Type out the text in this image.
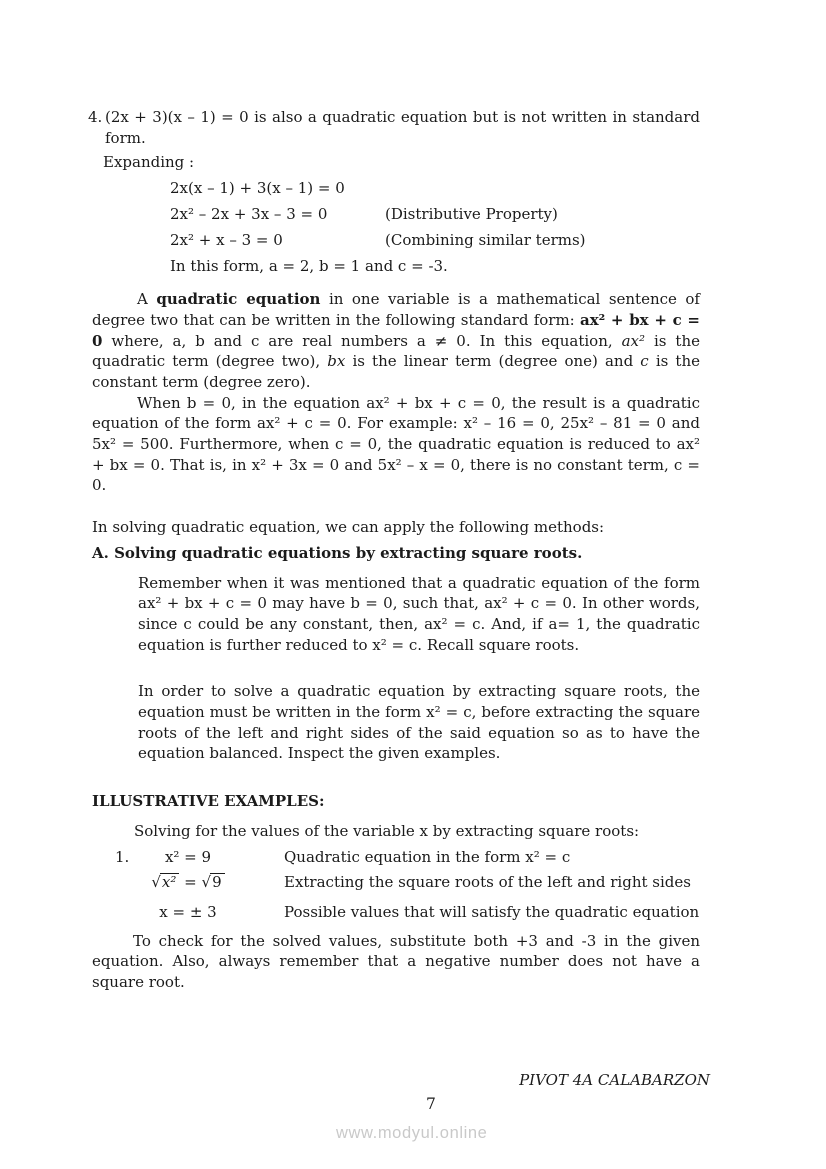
4. (2x + 3)(x – 1) = 0 is also a quadratic equation but is not written in standard form.
Expanding :
2x(x – 1) + 3(x – 1) = 0
2x² – 2x + 3x – 3 = 0	(Distributive Property)
2x² + x – 3 = 0	(Combining similar terms)
In this form, a = 2, b = 1 and c = -3.

A quadratic equation in one variable is a mathematical sentence of degree two that can be written in the following standard form: ax² + bx + c = 0 where, a, b and c are real numbers a ≠ 0. In this equation, ax² is the quadratic term (degree two), bx is the linear term (degree one) and c is the constant term (degree zero).

When b = 0, in the equation ax² + bx + c = 0, the result is a quadratic equation of the form ax² + c = 0. For example: x² – 16 = 0, 25x² – 81 = 0 and 5x² = 500. Furthermore, when c = 0, the quadratic equation is reduced to ax² + bx = 0. That is, in x² + 3x = 0 and 5x² – x = 0, there is no constant term, c = 0.

In solving quadratic equation, we can apply the following methods:

A. Solving quadratic equations by extracting square roots.

Remember when it was mentioned that a quadratic equation of the form ax² + bx + c = 0 may have b = 0, such that, ax² + c = 0. In other words, since c could be any constant, then, ax² = c. And, if a= 1, the quadratic equation is further reduced to x² = c. Recall square roots.

In order to solve a quadratic equation by extracting square roots, the equation must be written in the form x² = c, before extracting the square roots of the left and right sides of the said equation so as to have the equation balanced. Inspect the given examples.

ILLUSTRATIVE EXAMPLES:

Solving for the values of the variable x by extracting square roots:

1.	x² = 9	Quadratic equation in the form x² = c
√x² = √9	Extracting the square roots of the left and right sides
x = ± 3	Possible values that will satisfy the quadratic equation

To check for the solved values, substitute both +3 and -3 in the given equation. Also, always remember that a negative number does not have a square root.

PIVOT 4A CALABARZON
7
www.modyul.online
